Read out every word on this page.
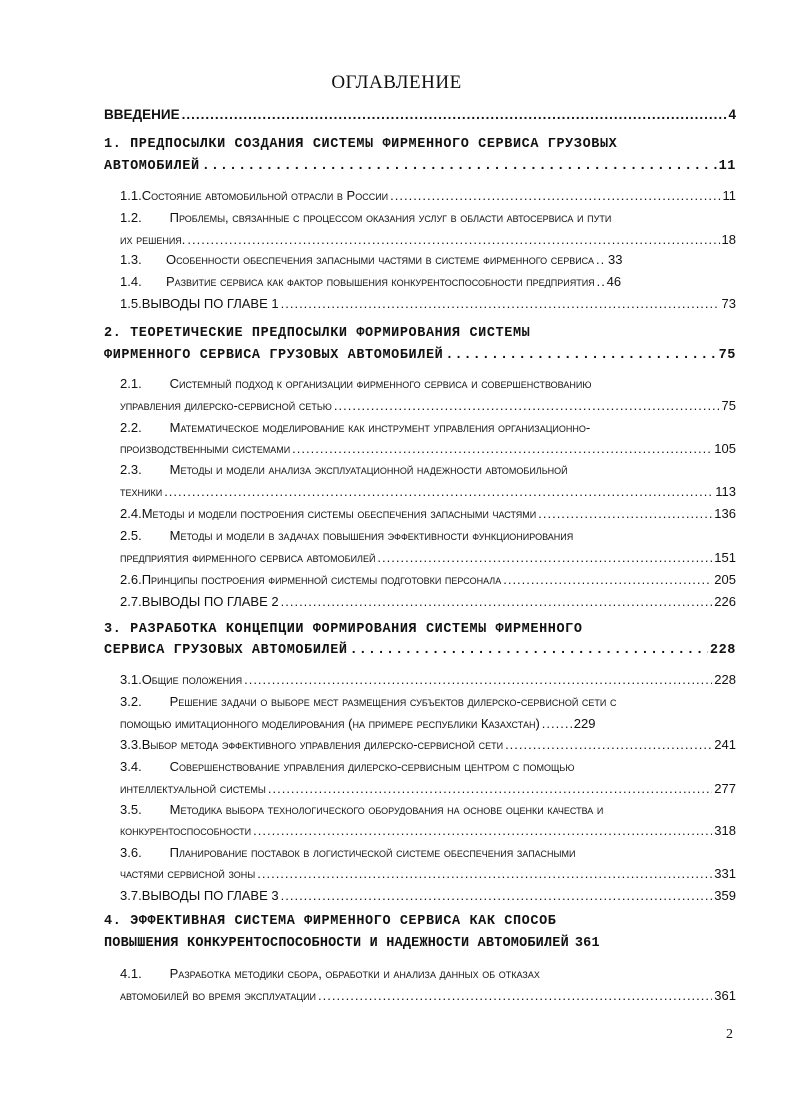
ОГЛАВЛЕНИЕ
ВВЕДЕНИЕ .....	4
1. ПРЕДПОСЫЛКИ СОЗДАНИЯ СИСТЕМЫ ФИРМЕННОГО СЕРВИСА ГРУЗОВЫХ
АВТОМОБИЛЕЙ .....	11
1.1. Состояние автомобильной отрасли в России .....	11
1.2. Проблемы, связанные с процессом оказания услуг в области автосервиса и пути
их решения. .....	18
1.3.	Особенности обеспечения запасными частями в системе фирменного сервиса ..... 33
1.4.	Развитие сервиса как фактор повышения конкурентоспособности предприятия ..... 46
1.5. ВЫВОДЫ ПО ГЛАВЕ 1 .....	73
2. ТЕОРЕТИЧЕСКИЕ ПРЕДПОСЫЛКИ ФОРМИРОВАНИЯ СИСТЕМЫ
ФИРМЕННОГО СЕРВИСА ГРУЗОВЫХ АВТОМОБИЛЕЙ .....	75
2.1. Системный подход к организации фирменного сервиса и совершенствованию
управления дилерско-сервисной сетью .....	75
2.2. Математическое моделирование как инструмент управления организационно-
производственными системами .....	105
2.3. Методы и модели анализа эксплуатационной надежности автомобильной
техники .....	113
2.4. Методы и модели построения системы обеспечения запасными частями .....	136
2.5. Методы и модели в задачах повышения эффективности функционирования
предприятия фирменного сервиса автомобилей .....	151
2.6. Принципы построения фирменной системы подготовки персонала .....	205
2.7. ВЫВОДЫ ПО ГЛАВЕ 2 .....	226
3. РАЗРАБОТКА КОНЦЕПЦИИ ФОРМИРОВАНИЯ СИСТЕМЫ ФИРМЕННОГО
СЕРВИСА ГРУЗОВЫХ АВТОМОБИЛЕЙ .....	228
3.1. Общие положения .....	228
3.2. Решение задачи о выборе мест размещения субъектов дилерско-сервисной сети с
помощью имитационного моделирования (на примере республики Казахстан) .....	229
3.3. Выбор метода эффективного управления дилерско-сервисной сети .....	241
3.4. Совершенствование управления дилерско-сервисным центром с помощью
интеллектуальной системы .....	277
3.5. Методика выбора технологического оборудования на основе оценки качества и
конкурентоспособности .....	318
3.6. Планирование поставок в логистической системе обеспечения запасными
частями сервисной зоны .....	331
3.7. ВЫВОДЫ ПО ГЛАВЕ 3 .....	359
4. ЭФФЕКТИВНАЯ СИСТЕМА ФИРМЕННОГО СЕРВИСА КАК СПОСОБ
ПОВЫШЕНИЯ КОНКУРЕНТОСПОСОБНОСТИ И НАДЕЖНОСТИ АВТОМОБИЛЕЙ 361
4.1. Разработка методики сбора, обработки и анализа данных об отказах
автомобилей во время эксплуатации .....	361
2
